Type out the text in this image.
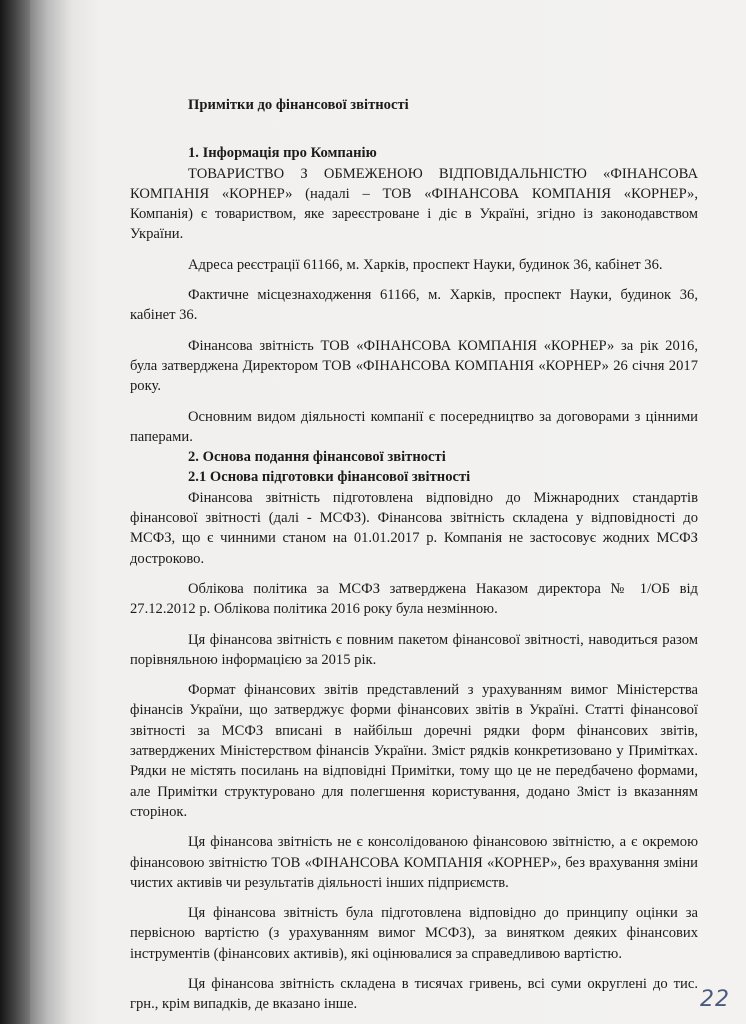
Примітки до фінансової звітності

1. Інформація про Компанію

ТОВАРИСТВО З ОБМЕЖЕНОЮ ВІДПОВІДАЛЬНІСТЮ «ФІНАНСОВА КОМПАНІЯ «КОРНЕР» (надалі – ТОВ «ФІНАНСОВА КОМПАНІЯ «КОРНЕР», Компанія) є товариством, яке зареєстроване і діє в Україні, згідно із законодавством України.

Адреса реєстрації 61166, м. Харків, проспект Науки, будинок 36, кабінет 36.

Фактичне місцезнаходження 61166, м. Харків, проспект Науки, будинок 36, кабінет 36.

Фінансова звітність ТОВ «ФІНАНСОВА КОМПАНІЯ «КОРНЕР» за рік 2016, була затверджена Директором ТОВ «ФІНАНСОВА КОМПАНІЯ «КОРНЕР» 26 січня 2017 року.

Основним видом діяльності компанії є посередництво за договорами з цінними паперами.

2. Основа подання фінансової звітності

2.1 Основа підготовки фінансової звітності

Фінансова звітність підготовлена відповідно до Міжнародних стандартів фінансової звітності (далі - МСФЗ). Фінансова звітність складена у відповідності до МСФЗ, що є чинними станом на 01.01.2017 р. Компанія не застосовує жодних МСФЗ достроково.

Облікова політика за МСФЗ затверджена Наказом директора № 1/ОБ від 27.12.2012 р. Облікова політика 2016 року була незмінною.

Ця фінансова звітність є повним пакетом фінансової звітності, наводиться разом порівняльною інформацією за 2015 рік.

Формат фінансових звітів представлений з урахуванням вимог Міністерства фінансів України, що затверджує форми фінансових звітів в Україні. Статті фінансової звітності за МСФЗ вписані в найбільш доречні рядки форм фінансових звітів, затверджених Міністерством фінансів України. Зміст рядків конкретизовано у Примітках. Рядки не містять посилань на відповідні Примітки, тому що це не передбачено формами, але Примітки структуровано для полегшення користування, додано Зміст із вказанням сторінок.

Ця фінансова звітність не є консолідованою фінансовою звітністю, а є окремою фінансовою звітністю ТОВ «ФІНАНСОВА КОМПАНІЯ «КОРНЕР», без врахування зміни чистих активів чи результатів діяльності інших підприємств.

Ця фінансова звітність була підготовлена відповідно до принципу оцінки за первісною вартістю (з урахуванням вимог МСФЗ), за винятком деяких фінансових інструментів (фінансових активів), які оцінювалися за справедливою вартістю.

Ця фінансова звітність складена в тисячах гривень, всі суми округлені до тис. грн., крім випадків, де вказано інше.	22
